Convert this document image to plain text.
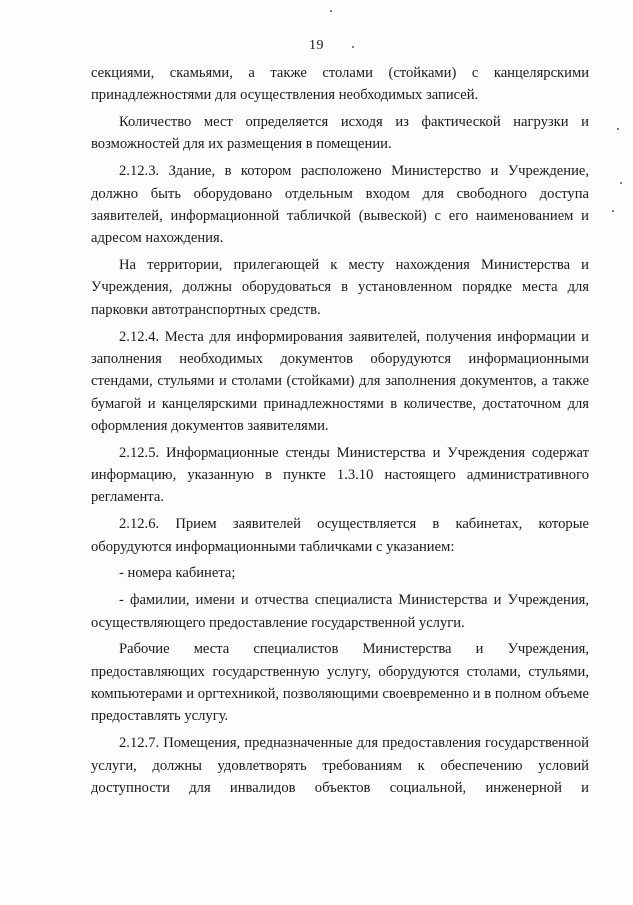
19

секциями, скамьями, а также столами (стойками) с канцелярскими принадлежностями для осуществления необходимых записей.

Количество мест определяется исходя из фактической нагрузки и возможностей для их размещения в помещении.

2.12.3. Здание, в котором расположено Министерство и Учреждение, должно быть оборудовано отдельным входом для свободного доступа заявителей, информационной табличкой (вывеской) с его наименованием и адресом нахождения.

На территории, прилегающей к месту нахождения Министерства и Учреждения, должны оборудоваться в установленном порядке места для парковки автотранспортных средств.

2.12.4. Места для информирования заявителей, получения информации и заполнения необходимых документов оборудуются информационными стендами, стульями и столами (стойками) для заполнения документов, а также бумагой и канцелярскими принадлежностями в количестве, достаточном для оформления документов заявителями.

2.12.5. Информационные стенды Министерства и Учреждения содержат информацию, указанную в пункте 1.3.10 настоящего административного регламента.

2.12.6. Прием заявителей осуществляется в кабинетах, которые оборудуются информационными табличками с указанием:

- номера кабинета;

- фамилии, имени и отчества специалиста Министерства и Учреждения, осуществляющего предоставление государственной услуги.

Рабочие места специалистов Министерства и Учреждения, предоставляющих государственную услугу, оборудуются столами, стульями, компьютерами и оргтехникой, позволяющими своевременно и в полном объеме предоставлять услугу.

2.12.7. Помещения, предназначенные для предоставления государственной услуги, должны удовлетворять требованиям к обеспечению условий доступности для инвалидов объектов социальной, инженерной и
